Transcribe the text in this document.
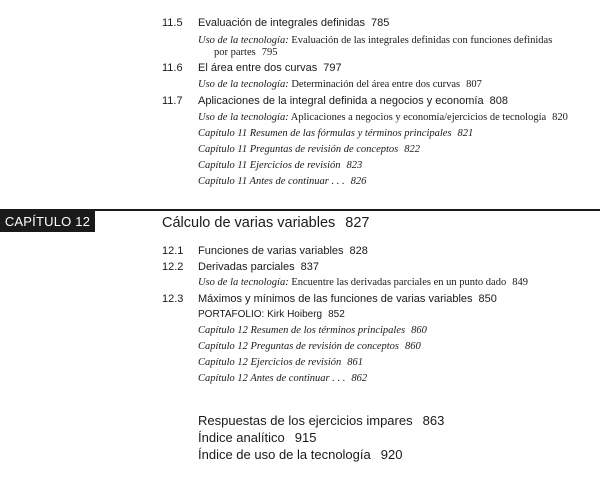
11.5 Evaluación de integrales definidas 785
Uso de la tecnología: Evaluación de las integrales definidas con funciones definidas
por partes 795
11.6 El área entre dos curvas 797
Uso de la tecnología: Determinación del área entre dos curvas 807
11.7 Aplicaciones de la integral definida a negocios y economía 808
Uso de la tecnología: Aplicaciones a negocios y economía/ejercicios de tecnología 820
Capítulo 11 Resumen de las fórmulas y términos principales 821
Capítulo 11 Preguntas de revisión de conceptos 822
Capítulo 11 Ejercicios de revisión 823
Capítulo 11 Antes de continuar . . . 826
CAPÍTULO 12	Cálculo de varias variables 827
12.1 Funciones de varias variables 828
12.2 Derivadas parciales 837
Uso de la tecnología: Encuentre las derivadas parciales en un punto dado 849
12.3 Máximos y mínimos de las funciones de varias variables 850
PORTAFOLIO: Kirk Hoiberg 852
Capítulo 12 Resumen de los términos principales 860
Capítulo 12 Preguntas de revisión de conceptos 860
Capítulo 12 Ejercicios de revisión 861
Capítulo 12 Antes de continuar . . . 862
Respuestas de los ejercicios impares 863
Índice analítico 915
Índice de uso de la tecnología 920
